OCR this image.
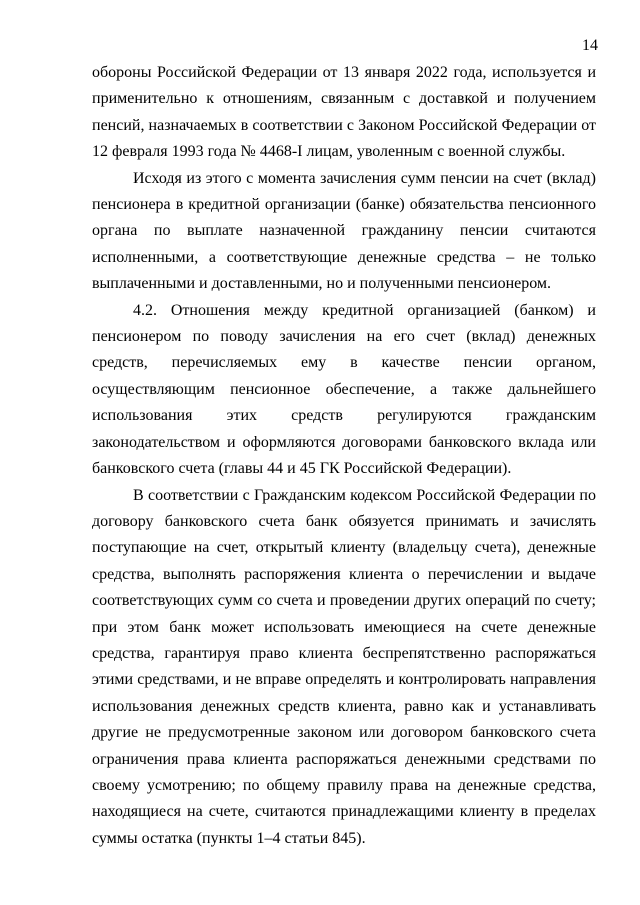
14

обороны Российской Федерации от 13 января 2022 года, используется и применительно к отношениям, связанным с доставкой и получением пенсий, назначаемых в соответствии с Законом Российской Федерации от 12 февраля 1993 года № 4468-I лицам, уволенным с военной службы.

Исходя из этого с момента зачисления сумм пенсии на счет (вклад) пенсионера в кредитной организации (банке) обязательства пенсионного органа по выплате назначенной гражданину пенсии считаются исполненными, а соответствующие денежные средства – не только выплаченными и доставленными, но и полученными пенсионером.

4.2. Отношения между кредитной организацией (банком) и пенсионером по поводу зачисления на его счет (вклад) денежных средств, перечисляемых ему в качестве пенсии органом, осуществляющим пенсионное обеспечение, а также дальнейшего использования этих средств регулируются гражданским законодательством и оформляются договорами банковского вклада или банковского счета (главы 44 и 45 ГК Российской Федерации).

В соответствии с Гражданским кодексом Российской Федерации по договору банковского счета банк обязуется принимать и зачислять поступающие на счет, открытый клиенту (владельцу счета), денежные средства, выполнять распоряжения клиента о перечислении и выдаче соответствующих сумм со счета и проведении других операций по счету; при этом банк может использовать имеющиеся на счете денежные средства, гарантируя право клиента беспрепятственно распоряжаться этими средствами, и не вправе определять и контролировать направления использования денежных средств клиента, равно как и устанавливать другие не предусмотренные законом или договором банковского счета ограничения права клиента распоряжаться денежными средствами по своему усмотрению; по общему правилу права на денежные средства, находящиеся на счете, считаются принадлежащими клиенту в пределах суммы остатка (пункты 1–4 статьи 845).
